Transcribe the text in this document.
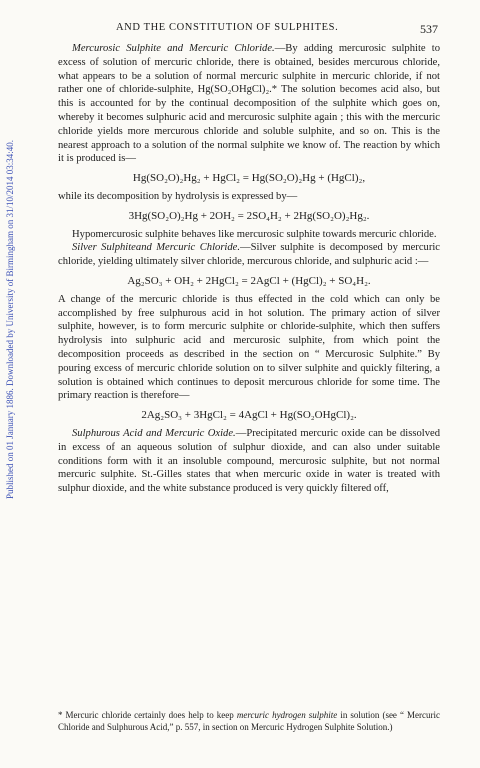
Published on 01 January 1886. Downloaded by University of Birmingham on 31/10/2014 03:34:40.
AND THE CONSTITUTION OF SULPHITES.	537

Mercurosic Sulphite and Mercuric Chloride.—By adding mercurosic sulphite to excess of solution of mercuric chloride, there is obtained, besides mercurous chloride, what appears to be a solution of normal mercuric sulphite in mercuric chloride, if not rather one of chloride-sulphite, Hg(SO₂OHgCl)₂.* The solution becomes acid also, but this is accounted for by the continual decomposition of the sulphite which goes on, whereby it becomes sulphuric acid and mercurosic sulphite again ; this with the mercuric chloride yields more mercurous chloride and soluble sulphite, and so on. This is the nearest approach to a solution of the normal sulphite we know of. The reaction by which it is produced is—

Hg(SO₂O)₂Hg₂ + HgCl₂ = Hg(SO₂O)₂Hg + (HgCl)₂,

while its decomposition by hydrolysis is expressed by—

3Hg(SO₂O)₂Hg + 2OH₂ = 2SO₄H₂ + 2Hg(SO₂O)₂Hg₂.

Hypomercurosic sulphite behaves like mercurosic sulphite towards mercuric chloride.

Silver Sulphiteand Mercuric Chloride.—Silver sulphite is decomposed by mercuric chloride, yielding ultimately silver chloride, mercurous chloride, and sulphuric acid :—

Ag₂SO₃ + OH₂ + 2HgCl₂ = 2AgCl + (HgCl)₂ + SO₄H₂.

A change of the mercuric chloride is thus effected in the cold which can only be accomplished by free sulphurous acid in hot solution. The primary action of silver sulphite, however, is to form mercuric sulphite or chloride-sulphite, which then suffers hydrolysis into sulphuric acid and mercurosic sulphite, from which point the decomposition proceeds as described in the section on “ Mercurosic Sulphite.” By pouring excess of mercuric chloride solution on to silver sulphite and quickly filtering, a solution is obtained which continues to deposit mercurous chloride for some time. The primary reaction is therefore—

2Ag₂SO₃ + 3HgCl₂ = 4AgCl + Hg(SO₂OHgCl)₂.

Sulphurous Acid and Mercuric Oxide.—Precipitated mercuric oxide can be dissolved in excess of an aqueous solution of sulphur dioxide, and can also under suitable conditions form with it an insoluble compound, mercurosic sulphite, but not normal mercuric sulphite. St.-Gilles states that when mercuric oxide in water is treated with sulphur dioxide, and the white substance produced is very quickly filtered off,

* Mercuric chloride certainly does help to keep mercuric hydrogen sulphite in solution (see “ Mercuric Chloride and Sulphurous Acid,” p. 557, in section on Mercuric Hydrogen Sulphite Solution.)
